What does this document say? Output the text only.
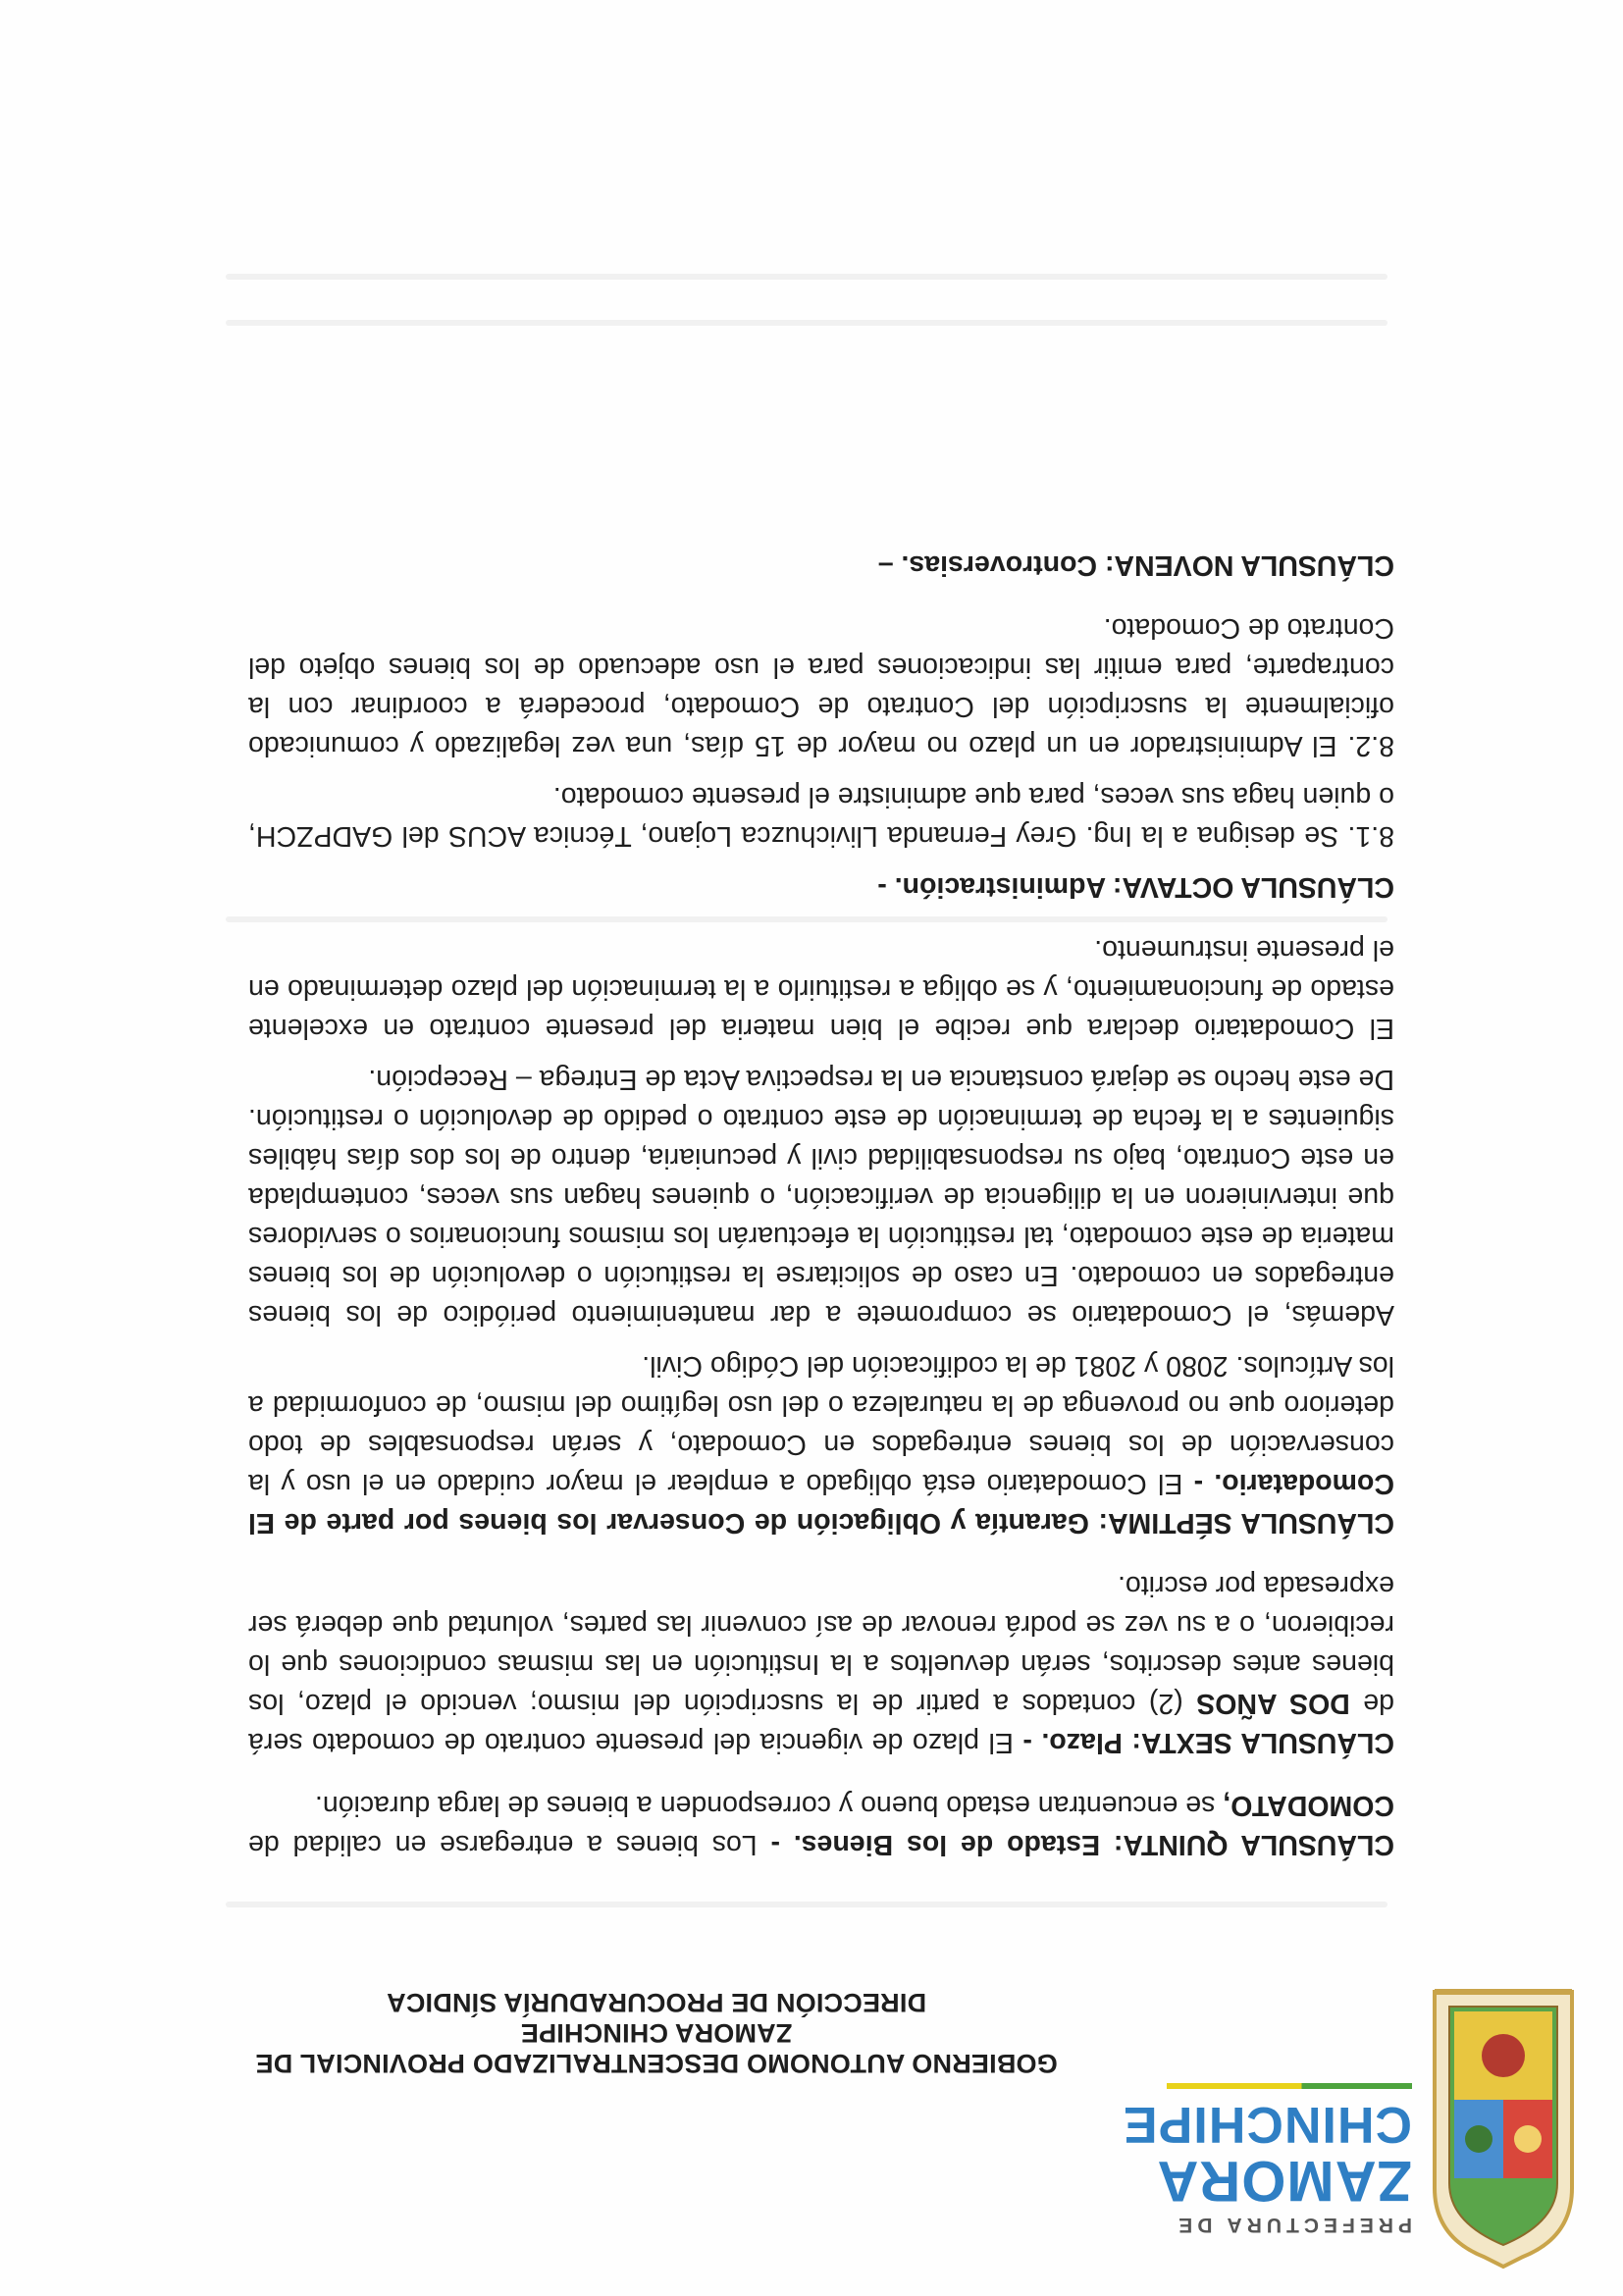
PREFECTURA DE
ZAMORA
CHINCHIPE
GOBIERNO AUTONOMO DESCENTRALIZADO PROVINCIAL DE
ZAMORA CHINCHIPE
DIRECCIÓN DE PROCURADURÍA SÍNDICA

CLÁUSULA QUINTA: Estado de los Bienes. - Los bienes a entregarse en calidad de COMODATO, se encuentran estado bueno y corresponden a bienes de larga duración.

CLÁUSULA SEXTA: Plazo. - El plazo de vigencia del presente contrato de comodato será de DOS AÑOS (2) contados a partir de la suscripción del mismo; vencido el plazo, los bienes antes descritos, serán devueltos a la Institución en las mismas condiciones que lo recibieron, o a su vez se podrá renovar de así convenir las partes, voluntad que deberá ser expresada por escrito.

CLÁUSULA SÉPTIMA: Garantía y Obligación de Conservar los bienes por parte de El Comodatario. - El Comodatario está obligado a emplear el mayor cuidado en el uso y la conservación de los bienes entregados en Comodato, y serán responsables de todo deterioro que no provenga de la naturaleza o del uso legítimo del mismo, de conformidad a los Artículos. 2080 y 2081 de la codificación del Código Civil.

Además, el Comodatario se compromete a dar mantenimiento periódico de los bienes entregados en comodato. En caso de solicitarse la restitución o devolución de los bienes materia de este comodato, tal restitución la efectuarán los mismos funcionarios o servidores que intervinieron en la diligencia de verificación, o quienes hagan sus veces, contemplada en este Contrato, bajo su responsabilidad civil y pecuniaria, dentro de los dos días hábiles siguientes a la fecha de terminación de este contrato o pedido de devolución o restitución. De este hecho se dejará constancia en la respectiva Acta de Entrega – Recepción.

El Comodatario declara que recibe el bien materia del presente contrato en excelente estado de funcionamiento, y se obliga a restituirlo a la terminación del plazo determinado en el presente instrumento.

CLÁUSULA OCTAVA: Administración. -

8.1. Se designa a la Ing. Grey Fernanda Llivichuzca Lojano, Técnica ACUS del GADPZCH, o quien haga sus veces, para que administre el presente comodato.

8.2. El Administrador en un plazo no mayor de 15 días, una vez legalizado y comunicado oficialmente la suscripción del Contrato de Comodato, procederá a coordinar con la contraparte, para emitir las indicaciones para el uso adecuado de los bienes objeto del Contrato de Comodato.

CLÁUSULA NOVENA: Controversias. –
